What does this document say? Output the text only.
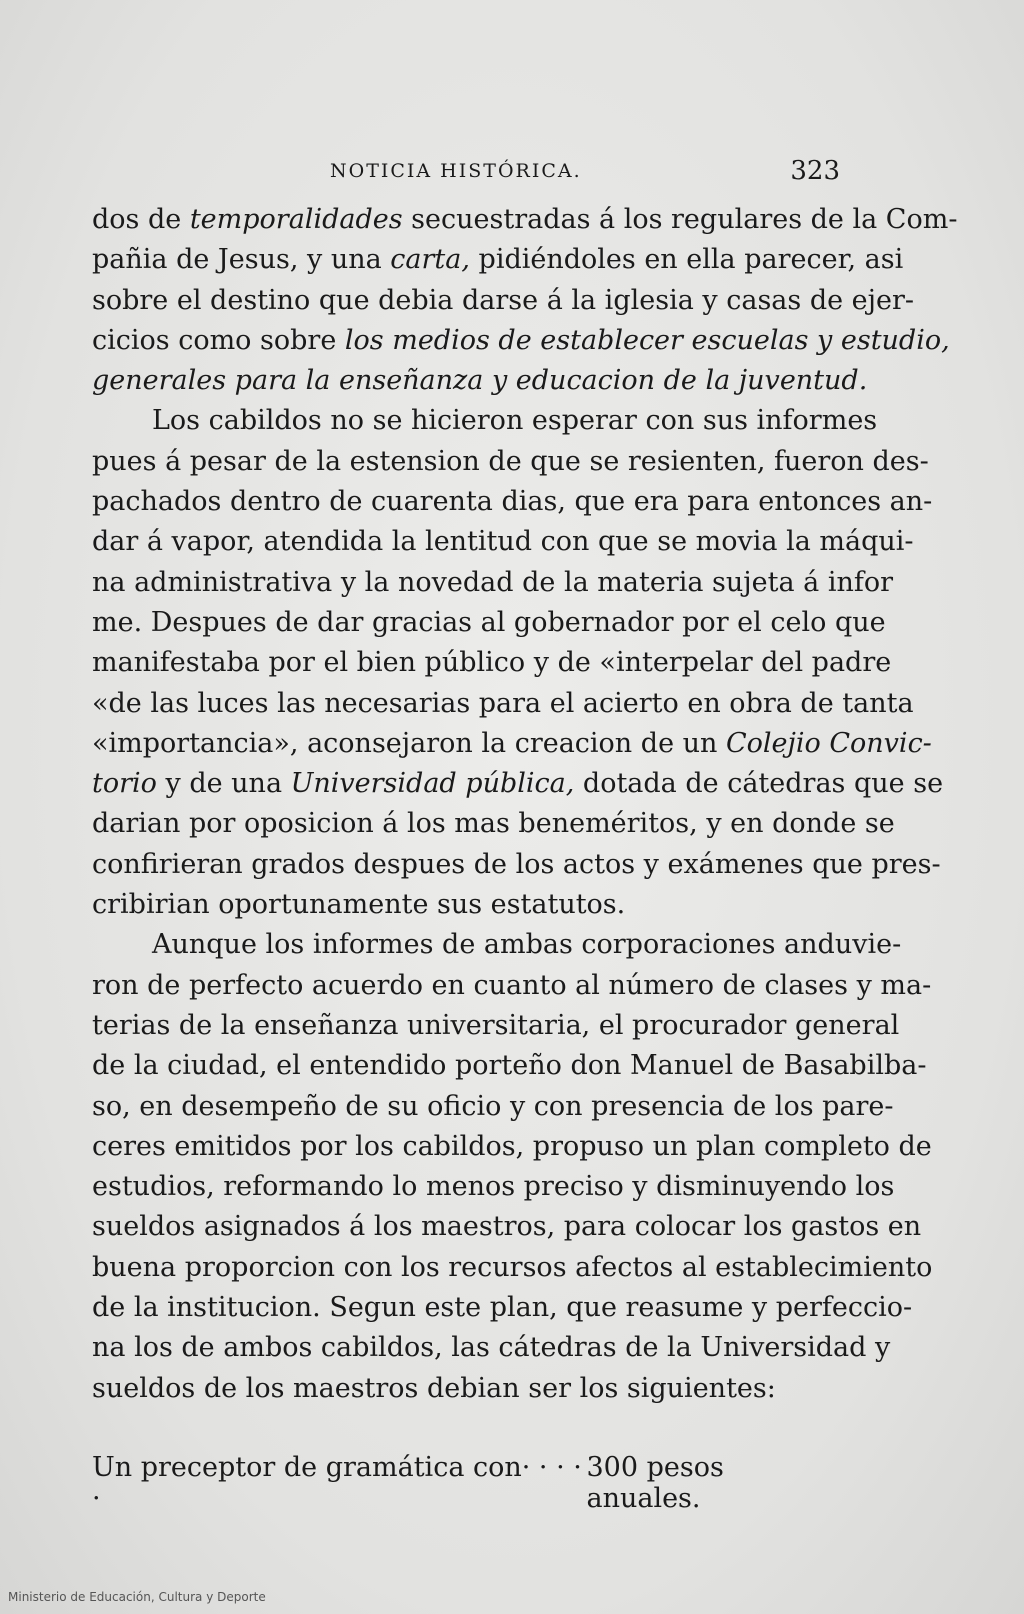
NOTICIA HISTÓRICA.	323
dos de temporalidades secuestradas á los regulares de la Com-
pañia de Jesus, y una carta, pidiéndoles en ella parecer, asi
sobre el destino que debia darse á la iglesia y casas de ejer-
cicios como sobre los medios de establecer escuelas y estudio,
generales para la enseñanza y educacion de la juventud.
Los cabildos no se hicieron esperar con sus informes
pues á pesar de la estension de que se resienten, fueron des-
pachados dentro de cuarenta dias, que era para entonces an-
dar á vapor, atendida la lentitud con que se movia la máqui-
na administrativa y la novedad de la materia sujeta á infor
me. Despues de dar gracias al gobernador por el celo que
manifestaba por el bien público y de «interpelar del padre
«de las luces las necesarias para el acierto en obra de tanta
«importancia», aconsejaron la creacion de un Colejio Convic-
torio y de una Universidad pública, dotada de cátedras que se
darian por oposicion á los mas beneméritos, y en donde se
confirieran grados despues de los actos y exámenes que pres-
cribirian oportunamente sus estatutos.
Aunque los informes de ambas corporaciones anduvie-
ron de perfecto acuerdo en cuanto al número de clases y ma-
terias de la enseñanza universitaria, el procurador general
de la ciudad, el entendido porteño don Manuel de Basabilba-
so, en desempeño de su oficio y con presencia de los pare-
ceres emitidos por los cabildos, propuso un plan completo de
estudios, reformando lo menos preciso y disminuyendo los
sueldos asignados á los maestros, para colocar los gastos en
buena proporcion con los recursos afectos al establecimiento
de la institucion. Segun este plan, que reasume y perfeccio-
na los de ambos cabildos, las cátedras de la Universidad y
sueldos de los maestros debian ser los siguientes:
Un preceptor de gramática con· · · · ·
300 pesos anuales.
Ministerio de Educación, Cultura y Deporte
